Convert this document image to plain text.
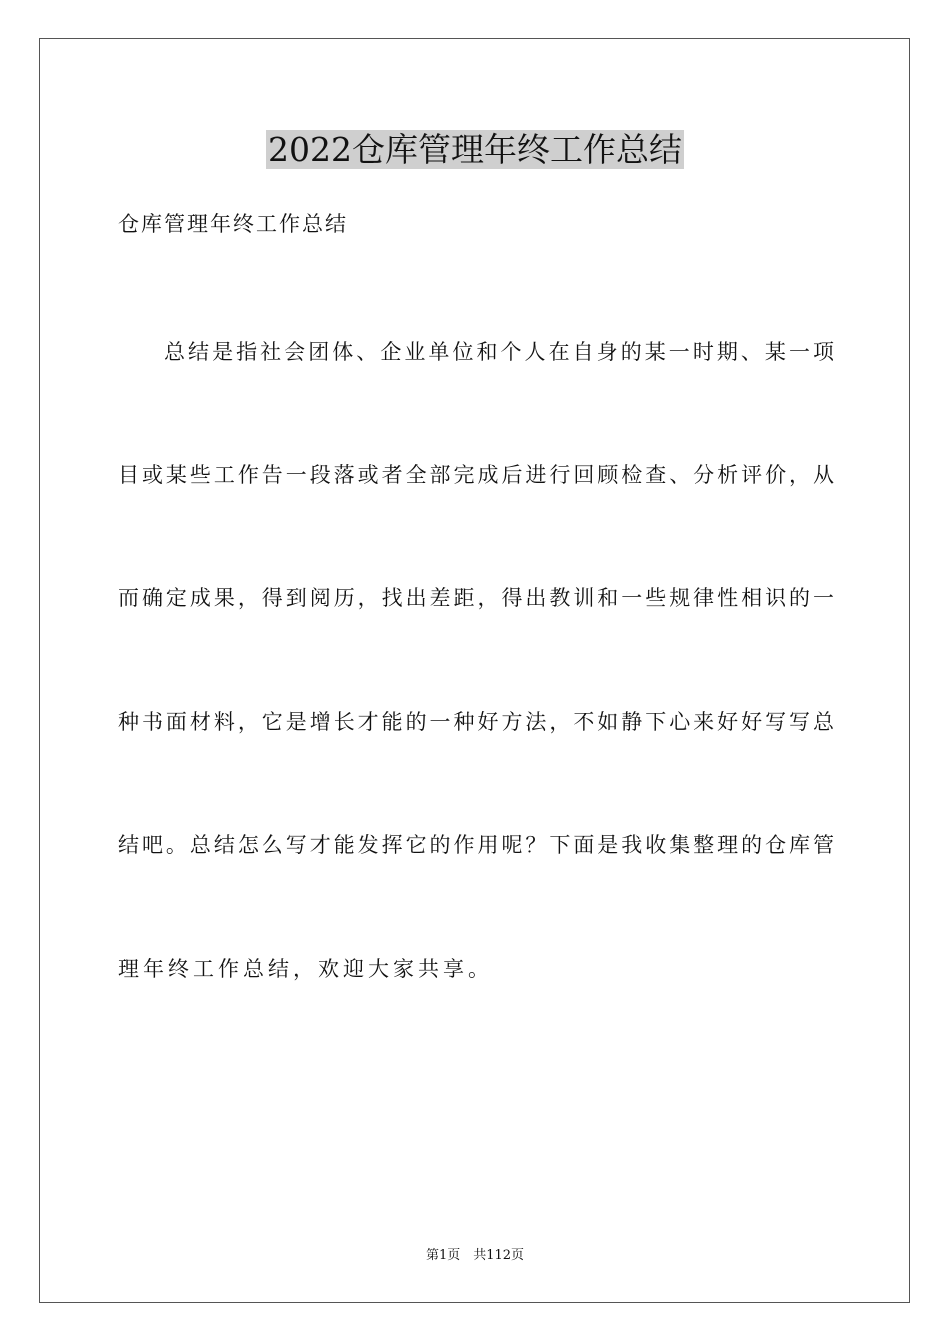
2022仓库管理年终工作总结

仓库管理年终工作总结

总结是指社会团体、企业单位和个人在自身的某一时期、某一项

目或某些工作告一段落或者全部完成后进行回顾检查、分析评价，从

而确定成果，得到阅历，找出差距，得出教训和一些规律性相识的一

种书面材料，它是增长才能的一种好方法，不如静下心来好好写写总

结吧。总结怎么写才能发挥它的作用呢？下面是我收集整理的仓库管

理年终工作总结，欢迎大家共享。

第1页　共112页
